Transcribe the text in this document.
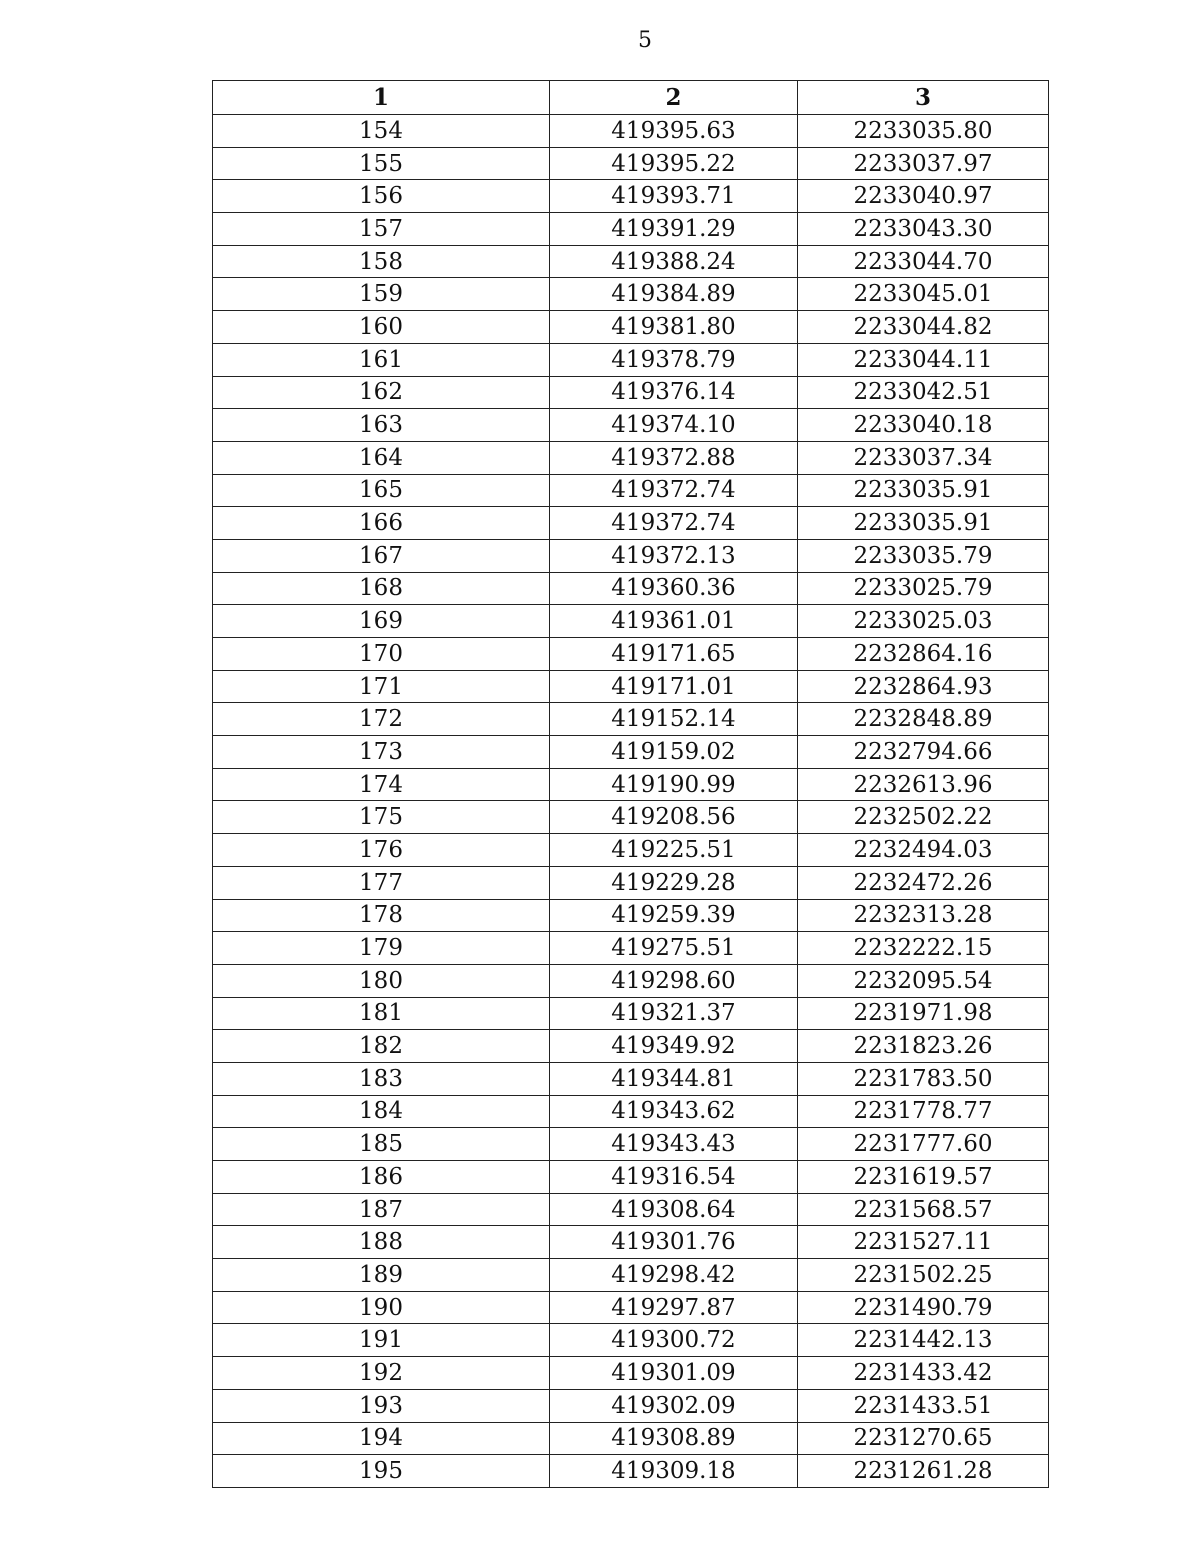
5
1	2	3
154	419395.63	2233035.80
155	419395.22	2233037.97
156	419393.71	2233040.97
157	419391.29	2233043.30
158	419388.24	2233044.70
159	419384.89	2233045.01
160	419381.80	2233044.82
161	419378.79	2233044.11
162	419376.14	2233042.51
163	419374.10	2233040.18
164	419372.88	2233037.34
165	419372.74	2233035.91
166	419372.74	2233035.91
167	419372.13	2233035.79
168	419360.36	2233025.79
169	419361.01	2233025.03
170	419171.65	2232864.16
171	419171.01	2232864.93
172	419152.14	2232848.89
173	419159.02	2232794.66
174	419190.99	2232613.96
175	419208.56	2232502.22
176	419225.51	2232494.03
177	419229.28	2232472.26
178	419259.39	2232313.28
179	419275.51	2232222.15
180	419298.60	2232095.54
181	419321.37	2231971.98
182	419349.92	2231823.26
183	419344.81	2231783.50
184	419343.62	2231778.77
185	419343.43	2231777.60
186	419316.54	2231619.57
187	419308.64	2231568.57
188	419301.76	2231527.11
189	419298.42	2231502.25
190	419297.87	2231490.79
191	419300.72	2231442.13
192	419301.09	2231433.42
193	419302.09	2231433.51
194	419308.89	2231270.65
195	419309.18	2231261.28
